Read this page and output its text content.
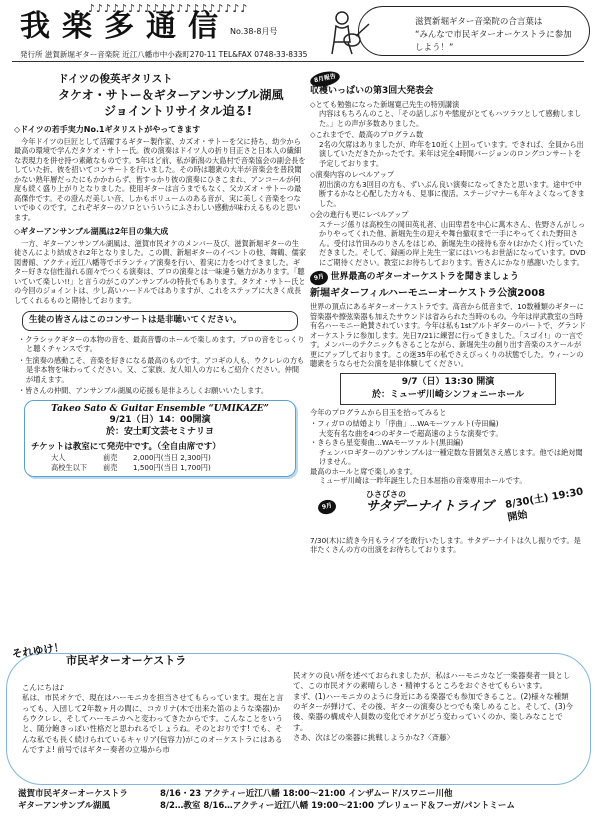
♪♪♪♪♪♪♪♪♪♪♪♪♪♪♪♪♪♪♪♪
我 楽 多 通 信	No.38-8月号
発行所 滋賀新堀ギター音楽院 近江八幡市中小森町270-11 TEL&FAX 0748-33-8335
滋賀新堀ギター音楽院の合言葉は
“みんなで市民ギターオーケストラに参加しよう！”
ドイツの俊英ギタリスト
タケオ・サトー＆ギターアンサンブル湖風
ジョイントリサイタル迫る!
◇ドイツの若手実力No.1ギタリストがやってきます

今年ドイツの巨匠として活躍するギター製作家、カズオ・サトーを父に持ち、幼少から最高の環境で学んだタケオ・サトー氏。彼の演奏はドイツ人の折り目正さと日本人の繊細な表現力を併せ持つ素敵なものです。5年ほど前、私が新潟の大島村で音楽協会の副会長をしていた折、彼を招いてコンサートを行いました。その時は聴衆の大半が音楽会を普段聞かない熟年層だったにもかかわらず、皆すっかり彼の演奏にひきこまれ、アンコールが何度も続く盛り上がりとなりました。使用ギターは言うまでもなく、父カズオ・サトーの最高傑作です。その澄んだ美しい音、しかもボリュームのある音が、実に美しく音楽をつないでゆくのです。これぞギターのソロといういうにふさわしい感動が味わえるものと思います。

◇ギターアンサンブル湖風は2年目の集大成

一方、ギターアンサンブル湖風は、滋賀市民オケのメンバー及び、滋賀新堀ギターの生徒さんにより結成され2年となりました。この間、新堀ギターのイベントの他、舞鶴、儒家図書館、アクティ近江八幡等でボランティア演奏を行い、着実に力をつけてきました。ギター好きな信性溢れる面々でつくる演奏は、プロの演奏とは一味違う魅力があります。「聴いていて楽しい!!」と言うのがこのアンサンブルの特長でもあります。タケオ・サトー氏との今回のジョイントは、少し高いハードルではありますが、これをステップに大きく成長してくれるものと期待しております。

生徒の皆さんはこのコンサートは是非聴いてください。
・クラシックギターの本物の音を、最高音響のホールで楽しめます。プロの音をじっくりと聴くチャンスです。
・生演奏の感動こそ、音楽を好きになる最高のものです。アコギの人も、ウクレレの方も是非本物を味わってください。又、ご家族、友人知人の方にもご紹介ください。仲間が増えます。
・皆さんの仲間、アンサンブル湖風の応援も是非よろしくお願いいたします。
Takeo Sato & Guitar Ensemble “UMIKAZE”
9/21（日）14：00開演
於：安土町文芸セミナリヨ
チケットは教室にて発売中です。（全自由席です）
大人	前売 2,000円(当日 2,300円)
高校生以下 前売 1,500円(当日 1,700円)
8月報告
収穫いっぱいの第3回大発表会
◇とても勉強になった新堀寛己先生の特別講演
内容はもちろんのこと、「その話しぶりや態度がとてもハツラツとして感動しました。」との声が多数ありました。
◇これまでで、最高のプログラム数
2名の欠席はありましたが、昨年を10近く上回っています。できれば、全員から出演していただきたかったです。来年は完全4時間バージョンのロングコンサートを予定しております。
◇演奏内容のレベルアップ
初出演の方も3回目の方も、ずいぶん良い演奏になってきたと思います。途中で中断するかなと心配した方々も、見事に復活。ステージマナーも年々よくなってきました。
◇会の進行も更にレベルアップ
ステージ係りは高校生の岡田英礼者、山田卑君を中心に萬木さん、佐野さんがしっかりやってくれた他、新堀先生の迎えや舞台撤収まで一手にやってくれた野田さん。受付は竹田みのりさんをはじめ、新堀先生の接待も奈々(おかたく)行っていただきました。そして、録画の岸上先生一家にはいつもお世話になっています。DVDにご期待ください。教室にお待ちしております。皆さんにかなり感謝いたします。
9月 世界最高のギターオーケストラを聞きましょう
新堀ギターフィルハーモニーオーケストラ公演2008
世界の頂点にあるギターオーケストラです。高音から低音まで、10数種類のギターに管楽器や擦弦楽器も加えたサウンドは省みられた当時のもの。今年は岸武教室の当時有名ハーモニー絶賛されています。今年は私も1stアルトギターのパートで、グランドオーケストラに参加します。先日7/21に練習に行ってきました。「スゴイ!」の一言です。メンバーのテクニックもさることながら、新堀先生の創り出す音楽のスケールが更にアップしております。この迷35年の私でさえびっくりの状態でした。ウィーンの聴衆をうならせた公演を是非体験してください。
9/7（日）13:30 開演
於：ミューザ川崎シンフォニーホール
今年のプログラムから目玉を拾ってみると
・フィガロの結婚より「序曲」…WAモーツァルト(寺田編)
大変有名な曲を4つのギターで超高速のような演奏です。
・きらきら星変奏曲…WAモーツァルト(黒田編)
チェンバロギターのアンサンブルは一種定数な昔園気さえ感じます。他では絶対聞けません。
最高のホールと席で楽しめます。
ミューザ川崎は一昨年誕生した日本屈指の音楽専用ホールです。
9月
ひさびさの
サタデーナイトライブ 8/30(土) 19:30開始
7/30(木)に続き今月もライブを敢行いたします。サタデーナイトは久し振りです。是非たくさんの方の出演をお待ちしております。
それゆけ！ 市民ギターオーケストラ
こんにちは♪
私は、市民オケで、現在はハーモニカを担当させてもらっています。現在と言っても、入団して2年数ヶ月の間に、コカリナ(木で出来た笛のような楽器)からウクレレ、そしてハーモニカへと変わってきたからです。こんなことをいうと、随分飽きっぽい性格だと思われるでしょうね。そのとおりです! でも、そんな私でも長く続けられているキャリア(包容力)がこのオーケストラにはあるんですよ! 前号ではギター奏者の立場から市
民オケの良い所を述べておられましたが、私はハーモニカなど一楽器奏者一員として、この市民オケの素晴らしさ・精神するところをおぐさせてもらいます。
まず、(1)ハーモニカのように身近にある楽器でも参加できること。(2)様々な種類のギターが弾けて、その後、ギターの演奏ひとつでも楽しめること。そして、(3)今後、楽器の構成や人員数の変化でオケがどう変わっていくのか、楽しみなことです。
さあ、次はどの楽器に挑戦しようかな?〈斉藤〉
滋賀市民ギターオーケストラ	8/16・23 アクティー近江八幡 18:00〜21:00 インザムード/スワニー川他
ギターアンサンブル湖風	8/2…教室 8/16…アクティー近江八幡 19:00〜21:00 プレリュード＆フーガ/パントミーム
